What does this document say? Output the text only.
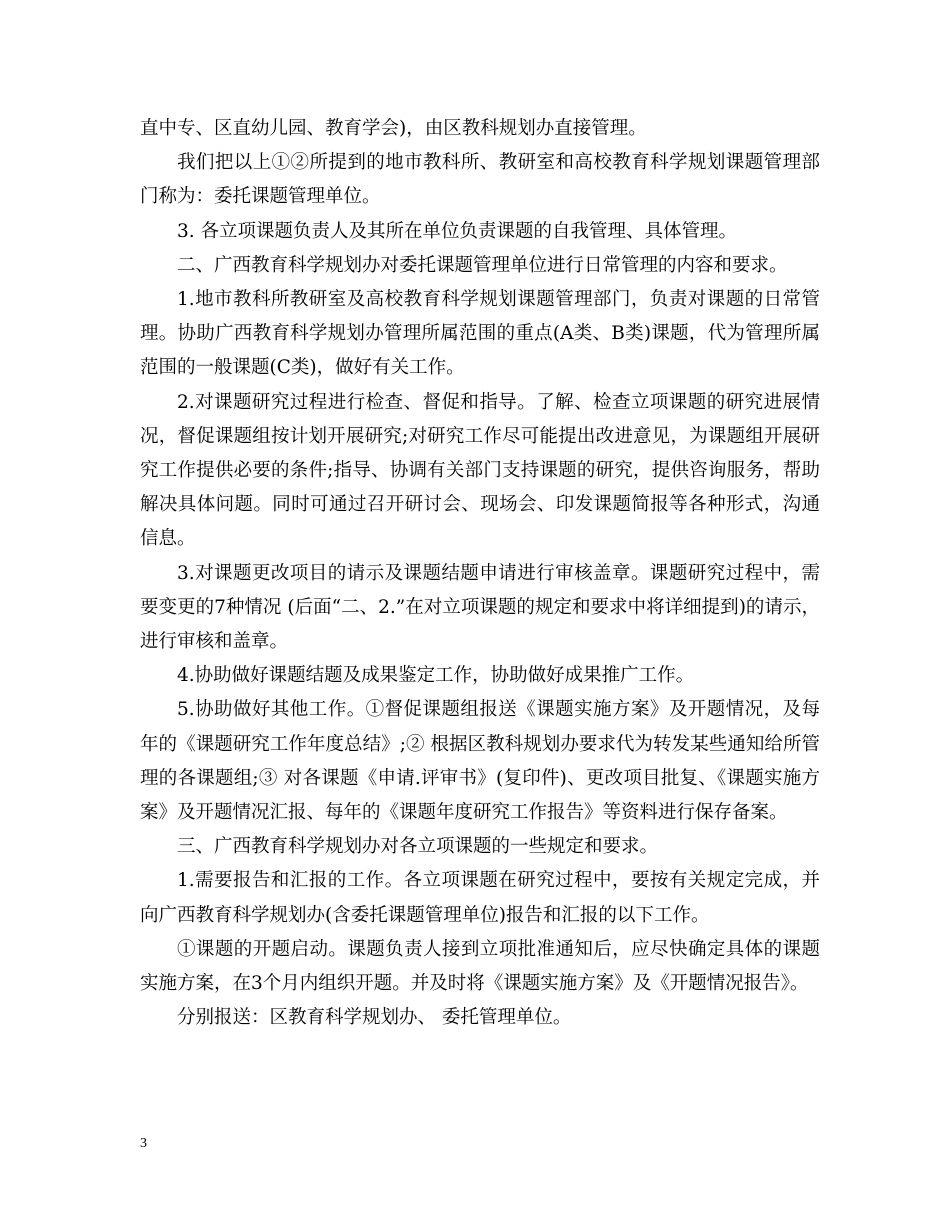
直中专、区直幼儿园、教育学会)，由区教科规划办直接管理。

我们把以上①②所提到的地市教科所、教研室和高校教育科学规划课题管理部门称为：委托课题管理单位。

3. 各立项课题负责人及其所在单位负责课题的自我管理、具体管理。

二、广西教育科学规划办对委托课题管理单位进行日常管理的内容和要求。

1.地市教科所教研室及高校教育科学规划课题管理部门，负责对课题的日常管理。协助广西教育科学规划办管理所属范围的重点(A类、B类)课题，代为管理所属范围的一般课题(C类)，做好有关工作。

2.对课题研究过程进行检查、督促和指导。了解、检查立项课题的研究进展情况，督促课题组按计划开展研究;对研究工作尽可能提出改进意见，为课题组开展研究工作提供必要的条件;指导、协调有关部门支持课题的研究，提供咨询服务，帮助解决具体问题。同时可通过召开研讨会、现场会、印发课题简报等各种形式，沟通信息。

3.对课题更改项目的请示及课题结题申请进行审核盖章。课题研究过程中，需要变更的7种情况 (后面“二、2.”在对立项课题的规定和要求中将详细提到)的请示，进行审核和盖章。

4.协助做好课题结题及成果鉴定工作，协助做好成果推广工作。

5.协助做好其他工作。①督促课题组报送《课题实施方案》及开题情况，及每年的《课题研究工作年度总结》;② 根据区教科规划办要求代为转发某些通知给所管理的各课题组;③ 对各课题《申请.评审书》(复印件)、更改项目批复、《课题实施方案》及开题情况汇报、每年的《课题年度研究工作报告》等资料进行保存备案。

三、广西教育科学规划办对各立项课题的一些规定和要求。

1.需要报告和汇报的工作。各立项课题在研究过程中，要按有关规定完成，并向广西教育科学规划办(含委托课题管理单位)报告和汇报的以下工作。

①课题的开题启动。课题负责人接到立项批准通知后，应尽快确定具体的课题实施方案，在3个月内组织开题。并及时将《课题实施方案》及《开题情况报告》。

分别报送：区教育科学规划办、 委托管理单位。

3
